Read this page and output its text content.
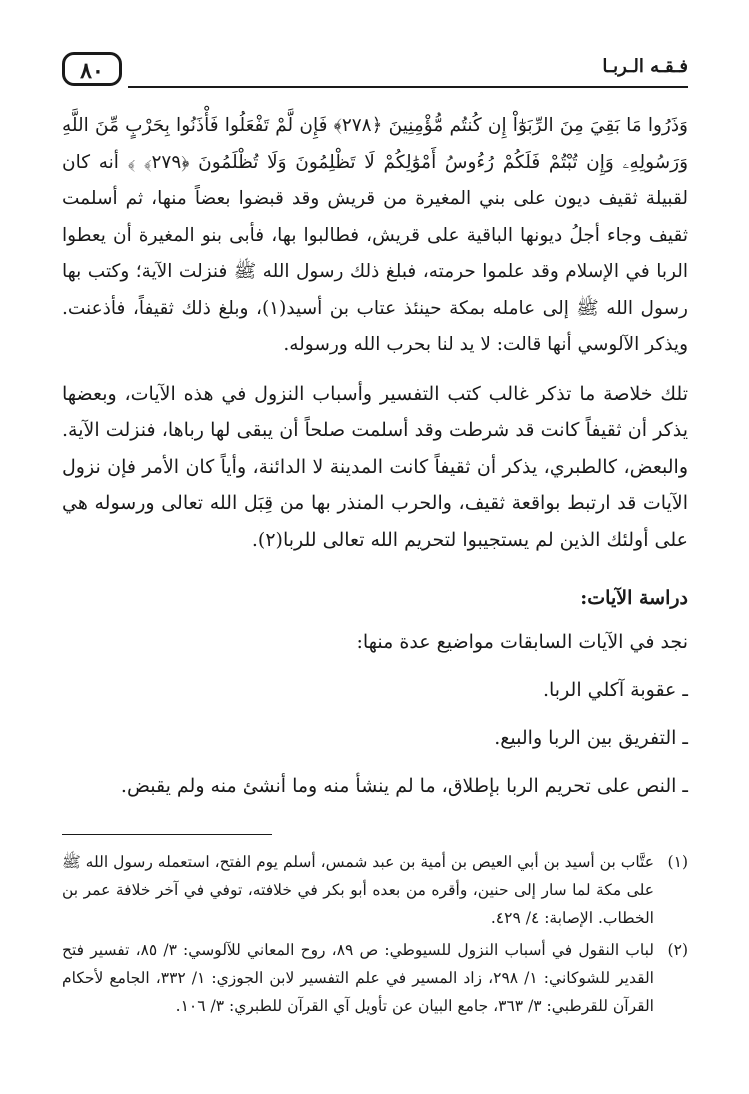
٨٠	فـقـه الـربـا

وَذَرُوا مَا بَقِيَ مِنَ الرِّبَوٰٓاْ إِن كُنتُم مُّؤْمِنِينَ ﴿٢٧٨﴾ فَإِن لَّمْ تَفْعَلُوا فَأْذَنُوا بِحَرْبٍ مِّنَ اللَّهِ وَرَسُولِهِۦ وَإِن تُبْتُمْ فَلَكُمْ رُءُوسُ أَمْوَٰلِكُمْ لَا تَظْلِمُونَ وَلَا تُظْلَمُونَ ﴿٢٧٩﴾ ﴾ أنه كان لقبيلة ثقيف ديون على بني المغيرة من قريش وقد قبضوا بعضاً منها، ثم أسلمت ثقيف وجاء أجلُ ديونها الباقية على قريش، فطالبوا بها، فأبى بنو المغيرة أن يعطوا الربا في الإسلام وقد علموا حرمته، فبلغ ذلك رسول الله ﷺ فنزلت الآية؛ وكتب بها رسول الله ﷺ إلى عامله بمكة حينئذ عتاب بن أسيد(١)، وبلغ ذلك ثقيفاً، فأذعنت. ويذكر الآلوسي أنها قالت: لا يد لنا بحرب الله ورسوله.

تلك خلاصة ما تذكر غالب كتب التفسير وأسباب النزول في هذه الآيات، وبعضها يذكر أن ثقيفاً كانت قد شرطت وقد أسلمت صلحاً أن يبقى لها رباها، فنزلت الآية. والبعض، كالطبري، يذكر أن ثقيفاً كانت المدينة لا الدائنة، وأياً كان الأمر فإن نزول الآيات قد ارتبط بواقعة ثقيف، والحرب المنذر بها من قِبَل الله تعالى ورسوله هي على أولئك الذين لم يستجيبوا لتحريم الله تعالى للربا(٢).

دراسة الآيات:

نجد في الآيات السابقات مواضيع عدة منها:

ـ عقوبة آكلي الربا.

ـ التفريق بين الربا والبيع.

ـ النص على تحريم الربا بإطلاق، ما لم ينشأ منه وما أنشئ منه ولم يقبض.

(١)
عتَّاب بن أسيد بن أبي العيص بن أمية بن عبد شمس، أسلم يوم الفتح، استعمله رسول الله ﷺ على مكة لما سار إلى حنين، وأقره من بعده أبو بكر في خلافته، توفي في آخر خلافة عمر بن الخطاب. الإصابة: ٤/ ٤٢٩.
(٢)
لباب النقول في أسباب النزول للسيوطي: ص ٨٩، روح المعاني للآلوسي: ٣/ ٨٥، تفسير فتح القدير للشوكاني: ١/ ٢٩٨، زاد المسير في علم التفسير لابن الجوزي: ١/ ٣٣٢، الجامع لأحكام القرآن للقرطبي: ٣/ ٣٦٣، جامع البيان عن تأويل آي القرآن للطبري: ٣/ ١٠٦.
